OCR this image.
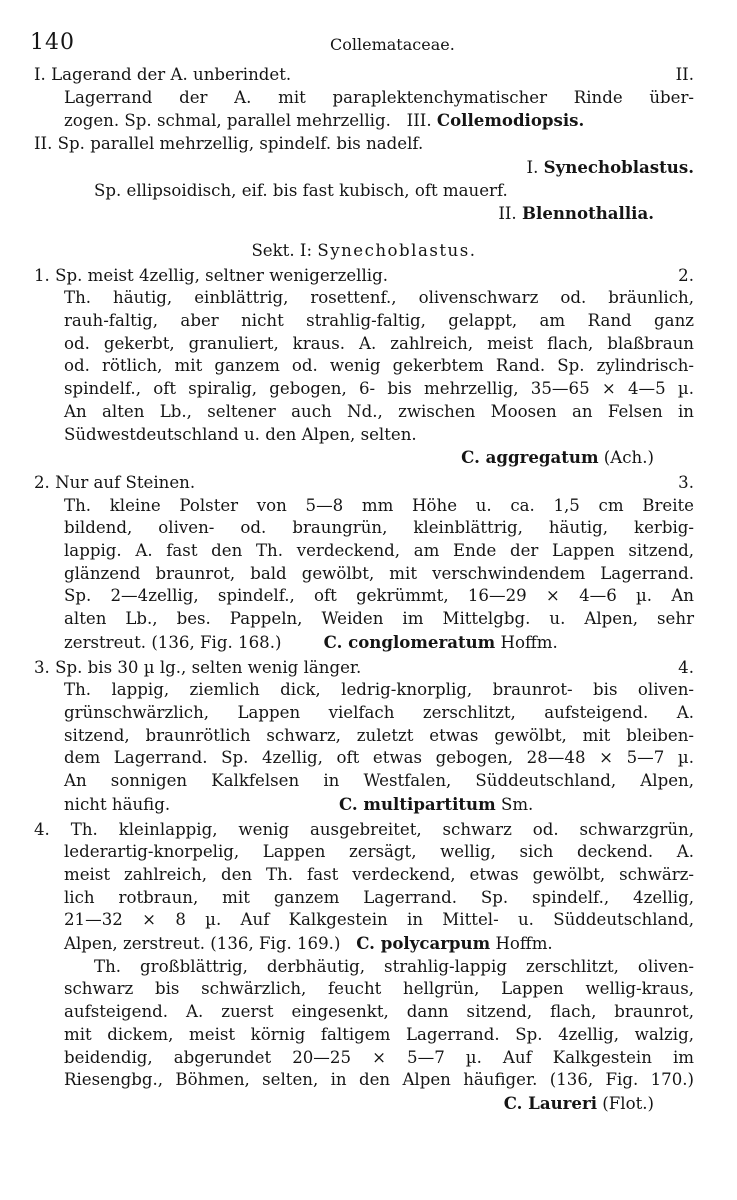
140	Collemataceae.
I. Lagerand der A. unberindet.	II.
Lagerrand der A. mit paraplektenchymatischer Rinde über-
zogen. Sp. schmal, parallel mehrzellig.   III. Collemodiopsis.
II. Sp. parallel mehrzellig, spindelf. bis nadelf.
I. Synechoblastus.
Sp. ellipsoidisch, eif. bis fast kubisch, oft mauerf.
II. Blennothallia.
Sekt. I: Synechoblastus.
1. Sp. meist 4zellig, seltner wenigerzellig.	2.
Th. häutig, einblättrig, rosettenf., olivenschwarz od. bräunlich,
rauh-faltig, aber nicht strahlig-faltig, gelappt, am Rand ganz
od. gekerbt, granuliert, kraus. A. zahlreich, meist flach, blaßbraun
od. rötlich, mit ganzem od. wenig gekerbtem Rand. Sp. zylindrisch-
spindelf., oft spiralig, gebogen, 6- bis mehrzellig, 35—65 × 4—5 µ.
An alten Lb., seltener auch Nd., zwischen Moosen an Felsen in
Südwestdeutschland u. den Alpen, selten.
C. aggregatum (Ach.)
2. Nur auf Steinen.	3.
Th. kleine Polster von 5—8 mm Höhe u. ca. 1,5 cm Breite
bildend, oliven- od. braungrün, kleinblättrig, häutig, kerbig-
lappig. A. fast den Th. verdeckend, am Ende der Lappen sitzend,
glänzend braunrot, bald gewölbt, mit verschwindendem Lagerrand.
Sp. 2—4zellig, spindelf., oft gekrümmt, 16—29 × 4—6 µ. An
alten Lb., bes. Pappeln, Weiden im Mittelgbg. u. Alpen, sehr
zerstreut. (136, Fig. 168.)        C. conglomeratum Hoffm.
3. Sp. bis 30 µ lg., selten wenig länger.	4.
Th. lappig, ziemlich dick, ledrig-knorplig, braunrot- bis oliven-
grünschwärzlich, Lappen vielfach zerschlitzt, aufsteigend. A.
sitzend, braunrötlich schwarz, zuletzt etwas gewölbt, mit bleiben-
dem Lagerrand. Sp. 4zellig, oft etwas gebogen, 28—48 × 5—7 µ.
An sonnigen Kalkfelsen in Westfalen, Süddeutschland, Alpen,
nicht häufig.                                C. multipartitum Sm.
4. Th. kleinlappig, wenig ausgebreitet, schwarz od. schwarzgrün,
lederartig-knorpelig, Lappen zersägt, wellig, sich deckend. A.
meist zahlreich, den Th. fast verdeckend, etwas gewölbt, schwärz-
lich rotbraun, mit ganzem Lagerrand. Sp. spindelf., 4zellig,
21—32 × 8 µ. Auf Kalkgestein in Mittel- u. Süddeutschland,
Alpen, zerstreut. (136, Fig. 169.)   C. polycarpum Hoffm.
Th. großblättrig, derbhäutig, strahlig-lappig zerschlitzt, oliven-
schwarz bis schwärzlich, feucht hellgrün, Lappen wellig-kraus,
aufsteigend. A. zuerst eingesenkt, dann sitzend, flach, braunrot,
mit dickem, meist körnig faltigem Lagerrand. Sp. 4zellig, walzig,
beidendig, abgerundet 20—25 × 5—7 µ. Auf Kalkgestein im
Riesengbg., Böhmen, selten, in den Alpen häufiger. (136, Fig. 170.)
C. Laureri (Flot.)
